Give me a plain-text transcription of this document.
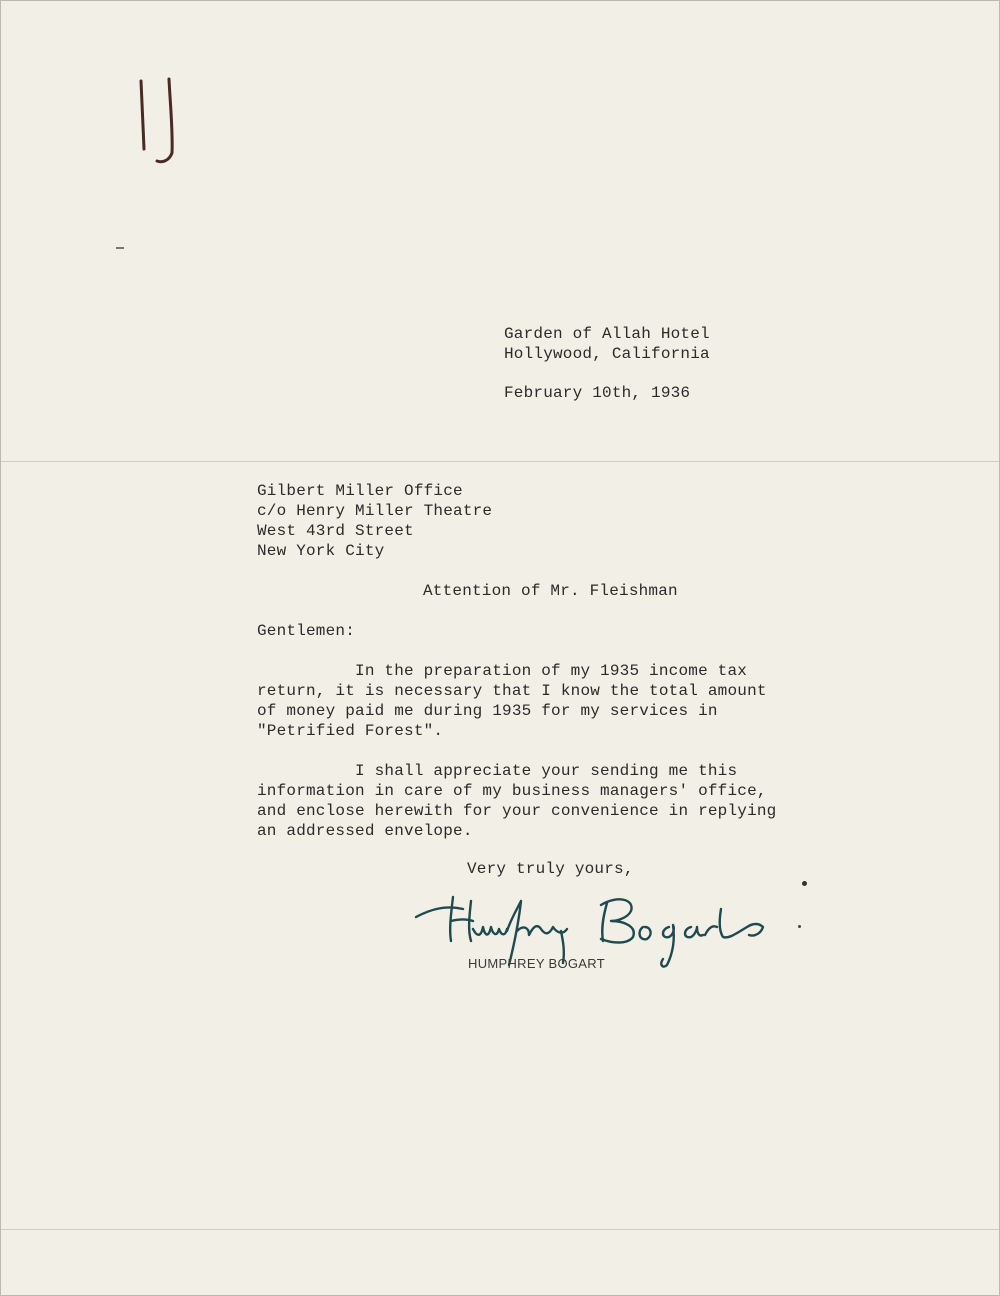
Garden of Allah Hotel
Hollywood, California
February 10th, 1936
Gilbert Miller Office
c/o Henry Miller Theatre
West 43rd Street
New York City
Attention of Mr. Fleishman
Gentlemen:
In the preparation of my 1935 income tax
return, it is necessary that I know the total amount
of money paid me during 1935 for my services in
"Petrified Forest".
I shall appreciate your sending me this
information in care of my business managers' office,
and enclose herewith for your convenience in replying
an addressed envelope.
Very truly yours,
HUMPHREY BOGART
